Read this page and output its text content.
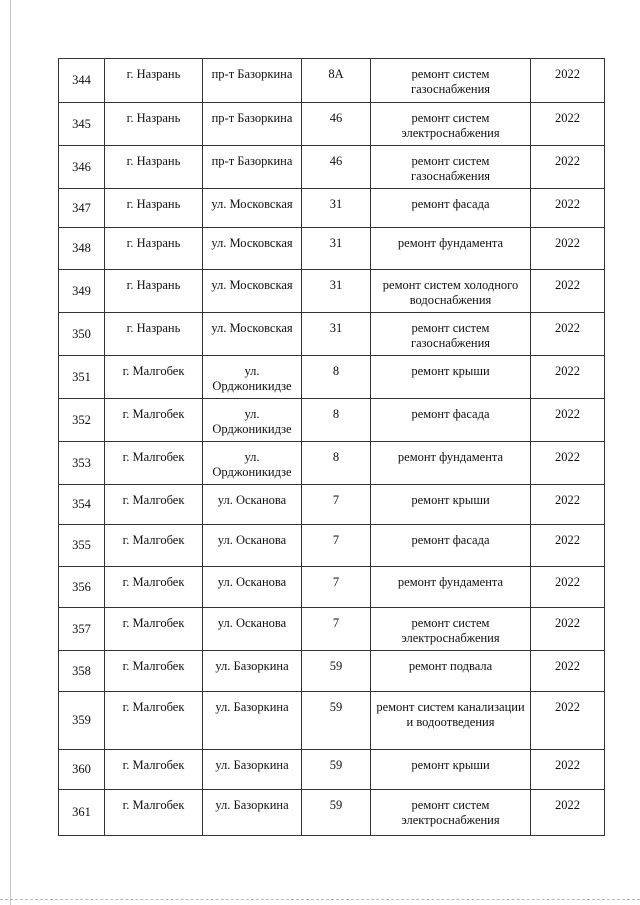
344	г. Назрань	пр-т Базоркина	8А	ремонт систем газоснабжения	2022
345	г. Назрань	пр-т Базоркина	46	ремонт систем электроснабжения	2022
346	г. Назрань	пр-т Базоркина	46	ремонт систем газоснабжения	2022
347	г. Назрань	ул. Московская	31	ремонт фасада	2022
348	г. Назрань	ул. Московская	31	ремонт фундамента	2022
349	г. Назрань	ул. Московская	31	ремонт систем холодного водоснабжения	2022
350	г. Назрань	ул. Московская	31	ремонт систем газоснабжения	2022
351	г. Малгобек	ул. Орджоникидзе	8	ремонт крыши	2022
352	г. Малгобек	ул. Орджоникидзе	8	ремонт фасада	2022
353	г. Малгобек	ул. Орджоникидзе	8	ремонт фундамента	2022
354	г. Малгобек	ул. Осканова	7	ремонт крыши	2022
355	г. Малгобек	ул. Осканова	7	ремонт фасада	2022
356	г. Малгобек	ул. Осканова	7	ремонт фундамента	2022
357	г. Малгобек	ул. Осканова	7	ремонт систем электроснабжения	2022
358	г. Малгобек	ул. Базоркина	59	ремонт подвала	2022
359	г. Малгобек	ул. Базоркина	59	ремонт систем канализации и водоотведения	2022
360	г. Малгобек	ул. Базоркина	59	ремонт крыши	2022
361	г. Малгобек	ул. Базоркина	59	ремонт систем электроснабжения	2022
